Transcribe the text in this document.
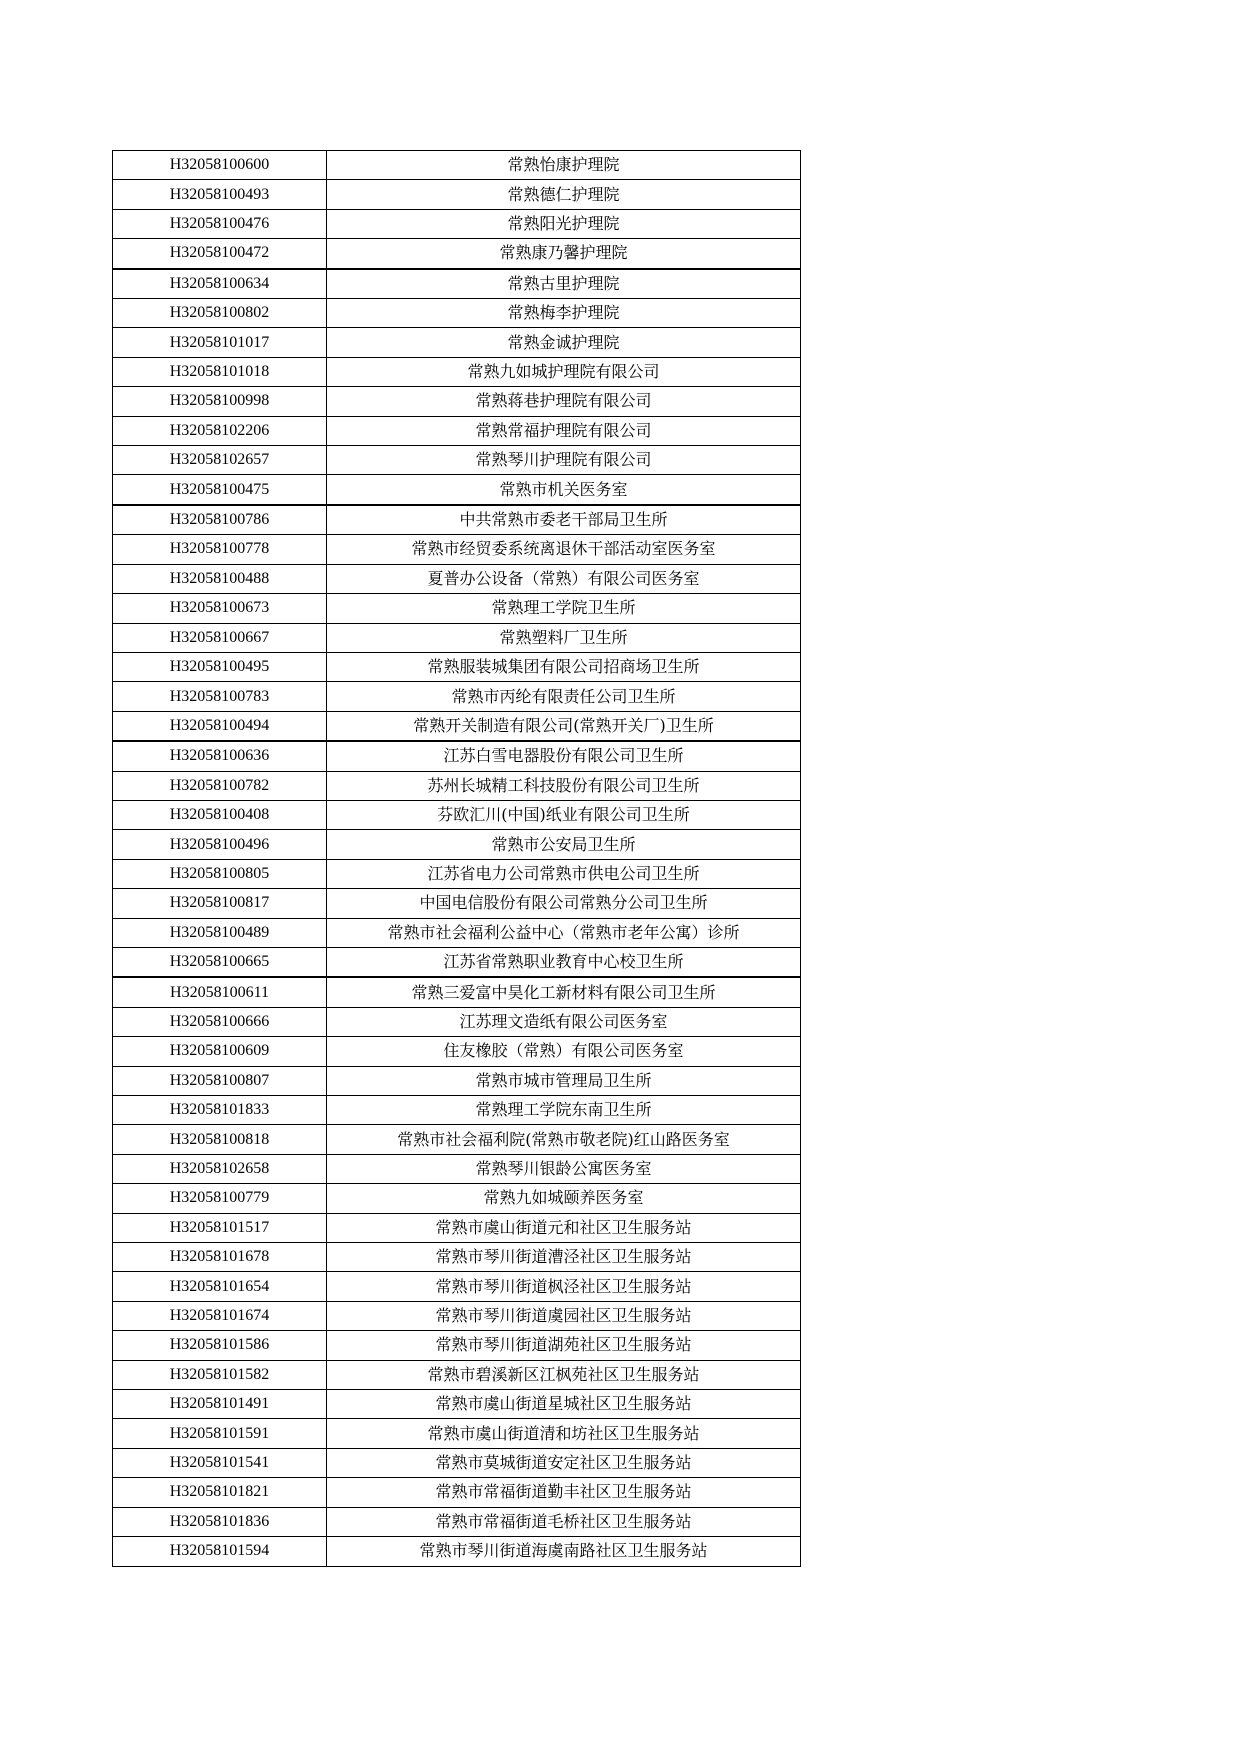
H32058100600	常熟怡康护理院
H32058100493	常熟德仁护理院
H32058100476	常熟阳光护理院
H32058100472	常熟康乃馨护理院
H32058100634	常熟古里护理院
H32058100802	常熟梅李护理院
H32058101017	常熟金诚护理院
H32058101018	常熟九如城护理院有限公司
H32058100998	常熟蒋巷护理院有限公司
H32058102206	常熟常福护理院有限公司
H32058102657	常熟琴川护理院有限公司
H32058100475	常熟市机关医务室
H32058100786	中共常熟市委老干部局卫生所
H32058100778	常熟市经贸委系统离退休干部活动室医务室
H32058100488	夏普办公设备（常熟）有限公司医务室
H32058100673	常熟理工学院卫生所
H32058100667	常熟塑料厂卫生所
H32058100495	常熟服装城集团有限公司招商场卫生所
H32058100783	常熟市丙纶有限责任公司卫生所
H32058100494	常熟开关制造有限公司(常熟开关厂)卫生所
H32058100636	江苏白雪电器股份有限公司卫生所
H32058100782	苏州长城精工科技股份有限公司卫生所
H32058100408	芬欧汇川(中国)纸业有限公司卫生所
H32058100496	常熟市公安局卫生所
H32058100805	江苏省电力公司常熟市供电公司卫生所
H32058100817	中国电信股份有限公司常熟分公司卫生所
H32058100489	常熟市社会福利公益中心（常熟市老年公寓）诊所
H32058100665	江苏省常熟职业教育中心校卫生所
H32058100611	常熟三爱富中昊化工新材料有限公司卫生所
H32058100666	江苏理文造纸有限公司医务室
H32058100609	住友橡胶（常熟）有限公司医务室
H32058100807	常熟市城市管理局卫生所
H32058101833	常熟理工学院东南卫生所
H32058100818	常熟市社会福利院(常熟市敬老院)红山路医务室
H32058102658	常熟琴川银龄公寓医务室
H32058100779	常熟九如城颐养医务室
H32058101517	常熟市虞山街道元和社区卫生服务站
H32058101678	常熟市琴川街道漕泾社区卫生服务站
H32058101654	常熟市琴川街道枫泾社区卫生服务站
H32058101674	常熟市琴川街道虞园社区卫生服务站
H32058101586	常熟市琴川街道湖苑社区卫生服务站
H32058101582	常熟市碧溪新区江枫苑社区卫生服务站
H32058101491	常熟市虞山街道星城社区卫生服务站
H32058101591	常熟市虞山街道清和坊社区卫生服务站
H32058101541	常熟市莫城街道安定社区卫生服务站
H32058101821	常熟市常福街道勤丰社区卫生服务站
H32058101836	常熟市常福街道毛桥社区卫生服务站
H32058101594	常熟市琴川街道海虞南路社区卫生服务站
